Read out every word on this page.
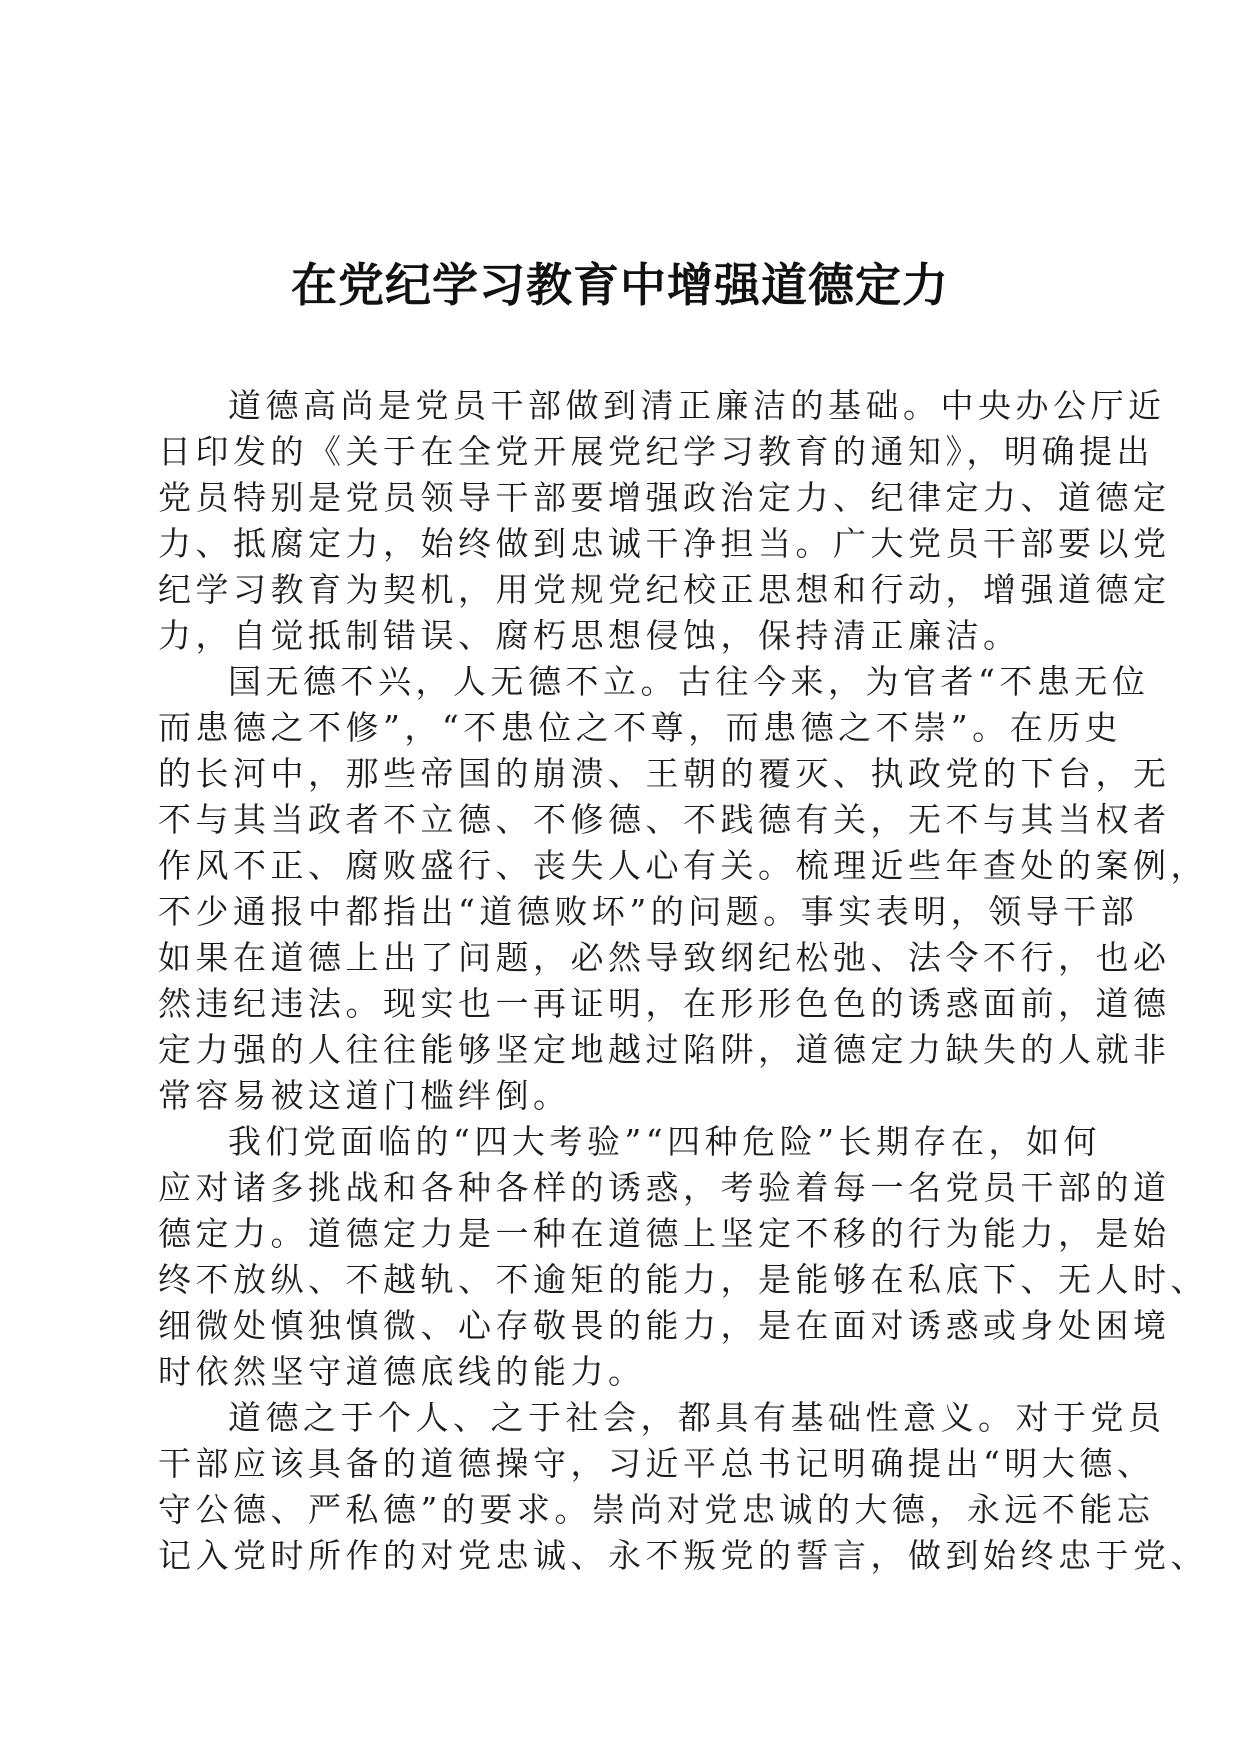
在党纪学习教育中增强道德定力
道德高尚是党员干部做到清正廉洁的基础。中央办公厅近
日印发的《关于在全党开展党纪学习教育的通知》，明确提出
党员特别是党员领导干部要增强政治定力、纪律定力、道德定
力、抵腐定力，始终做到忠诚干净担当。广大党员干部要以党
纪学习教育为契机，用党规党纪校正思想和行动，增强道德定
力，自觉抵制错误、腐朽思想侵蚀，保持清正廉洁。
国无德不兴，人无德不立。古往今来，为官者“不患无位
而患德之不修”，“不患位之不尊，而患德之不崇”。在历史
的长河中，那些帝国的崩溃、王朝的覆灭、执政党的下台，无
不与其当政者不立德、不修德、不践德有关，无不与其当权者
作风不正、腐败盛行、丧失人心有关。梳理近些年查处的案例，
不少通报中都指出“道德败坏”的问题。事实表明，领导干部
如果在道德上出了问题，必然导致纲纪松弛、法令不行，也必
然违纪违法。现实也一再证明，在形形色色的诱惑面前，道德
定力强的人往往能够坚定地越过陷阱，道德定力缺失的人就非
常容易被这道门槛绊倒。
我们党面临的“四大考验”“四种危险”长期存在，如何
应对诸多挑战和各种各样的诱惑，考验着每一名党员干部的道
德定力。道德定力是一种在道德上坚定不移的行为能力，是始
终不放纵、不越轨、不逾矩的能力，是能够在私底下、无人时、
细微处慎独慎微、心存敬畏的能力，是在面对诱惑或身处困境
时依然坚守道德底线的能力。
道德之于个人、之于社会，都具有基础性意义。对于党员
干部应该具备的道德操守，习近平总书记明确提出“明大德、
守公德、严私德”的要求。崇尚对党忠诚的大德，永远不能忘
记入党时所作的对党忠诚、永不叛党的誓言，做到始终忠于党、
